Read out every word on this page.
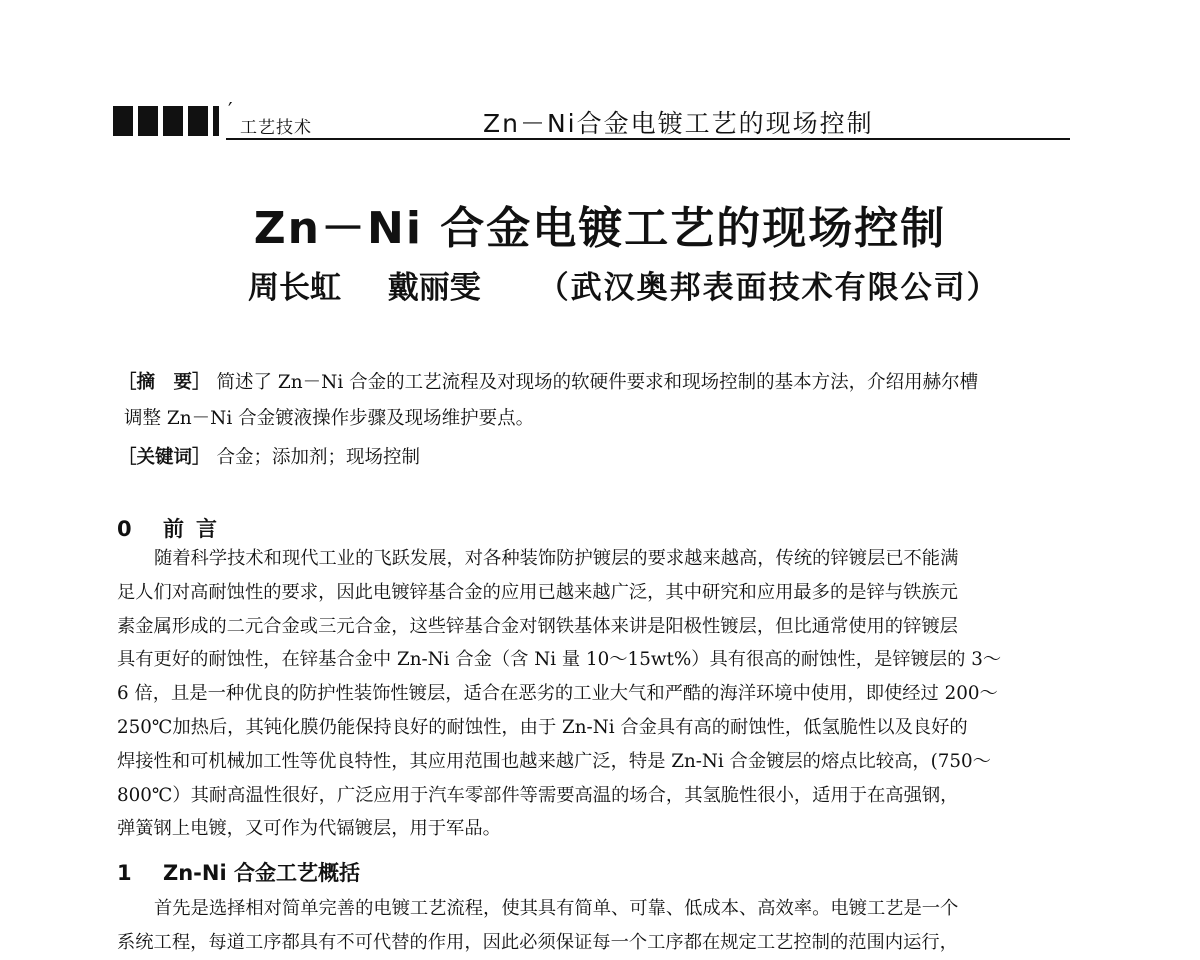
′
工艺技术	Zn－Ni合金电镀工艺的现场控制
Zn－Ni 合金电镀工艺的现场控制
周长虹 戴丽雯 （武汉奥邦表面技术有限公司）
［摘　要］ 简述了 Zn－Ni 合金的工艺流程及对现场的软硬件要求和现场控制的基本方法，介绍用赫尔槽
调整 Zn－Ni 合金镀液操作步骤及现场维护要点。
［关键词］ 合金；添加剂；现场控制
0 前言

随着科学技术和现代工业的飞跃发展，对各种装饰防护镀层的要求越来越高，传统的锌镀层已不能满

足人们对高耐蚀性的要求，因此电镀锌基合金的应用已越来越广泛，其中研究和应用最多的是锌与铁族元

素金属形成的二元合金或三元合金，这些锌基合金对钢铁基体来讲是阳极性镀层，但比通常使用的锌镀层

具有更好的耐蚀性，在锌基合金中 Zn-Ni 合金（含 Ni 量 10～15wt%）具有很高的耐蚀性，是锌镀层的 3～

6 倍，且是一种优良的防护性装饰性镀层，适合在恶劣的工业大气和严酷的海洋环境中使用，即使经过 200～

250℃加热后，其钝化膜仍能保持良好的耐蚀性，由于 Zn-Ni 合金具有高的耐蚀性，低氢脆性以及良好的

焊接性和可机械加工性等优良特性，其应用范围也越来越广泛，特是 Zn-Ni 合金镀层的熔点比较高，(750～

800℃）其耐高温性很好，广泛应用于汽车零部件等需要高温的场合，其氢脆性很小，适用于在高强钢，

弹簧钢上电镀，又可作为代镉镀层，用于军品。

1 Zn-Ni 合金工艺概括

首先是选择相对简单完善的电镀工艺流程，使其具有简单、可靠、低成本、高效率。电镀工艺是一个

系统工程，每道工序都具有不可代替的作用，因此必须保证每一个工序都在规定工艺控制的范围内运行，
